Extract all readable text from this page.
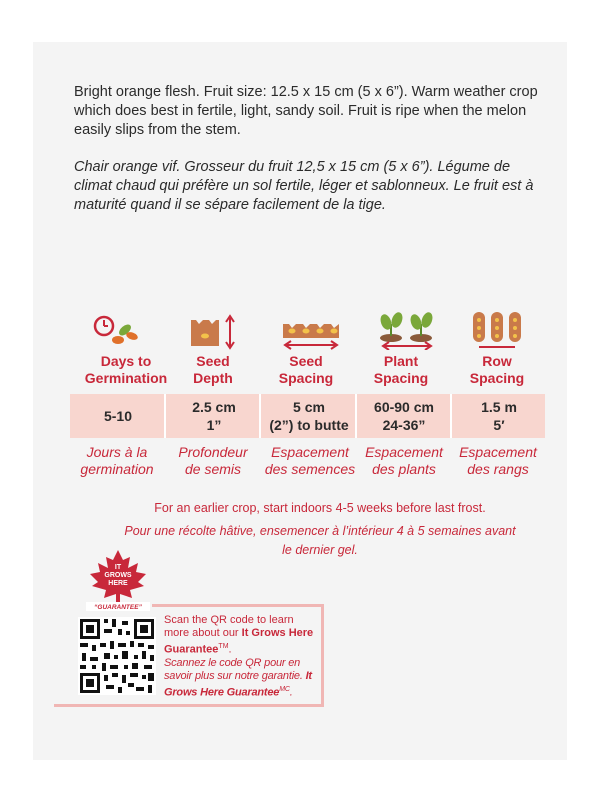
Bright orange flesh. Fruit size: 12.5 x 15 cm (5 x 6”). Warm weather crop which does best in fertile, light, sandy soil. Fruit is ripe when the melon easily slips from the stem.
Chair orange vif. Grosseur du fruit 12,5 x 15 cm (5 x 6”). Légume de climat chaud qui préfère un sol fertile, léger et sablonneux. Le fruit est à maturité quand il se sépare facilement de la tige.
Days to
Germination
Seed
Depth
Seed
Spacing
Plant
Spacing
Row
Spacing
5-10
2.5 cm
1”
5 cm
(2”) to butte
60-90 cm
24-36”
1.5 m
5′
Jours à la
germination
Profondeur
de semis
Espacement
des semences
Espacement
des plants
Espacement
des rangs
For an earlier crop, start indoors 4-5 weeks before last frost.
Pour une récolte hâtive, ensemencer à l’intérieur 4 à 5 semaines avant
le dernier gel.
IT
GROWS
HERE
“GUARANTEE”
Scan the QR code to learn more about our It Grows Here Guarantee™.
Scannez le code QR pour en savoir plus sur notre garantie. It Grows Here Guarantee$^{MC}$.
